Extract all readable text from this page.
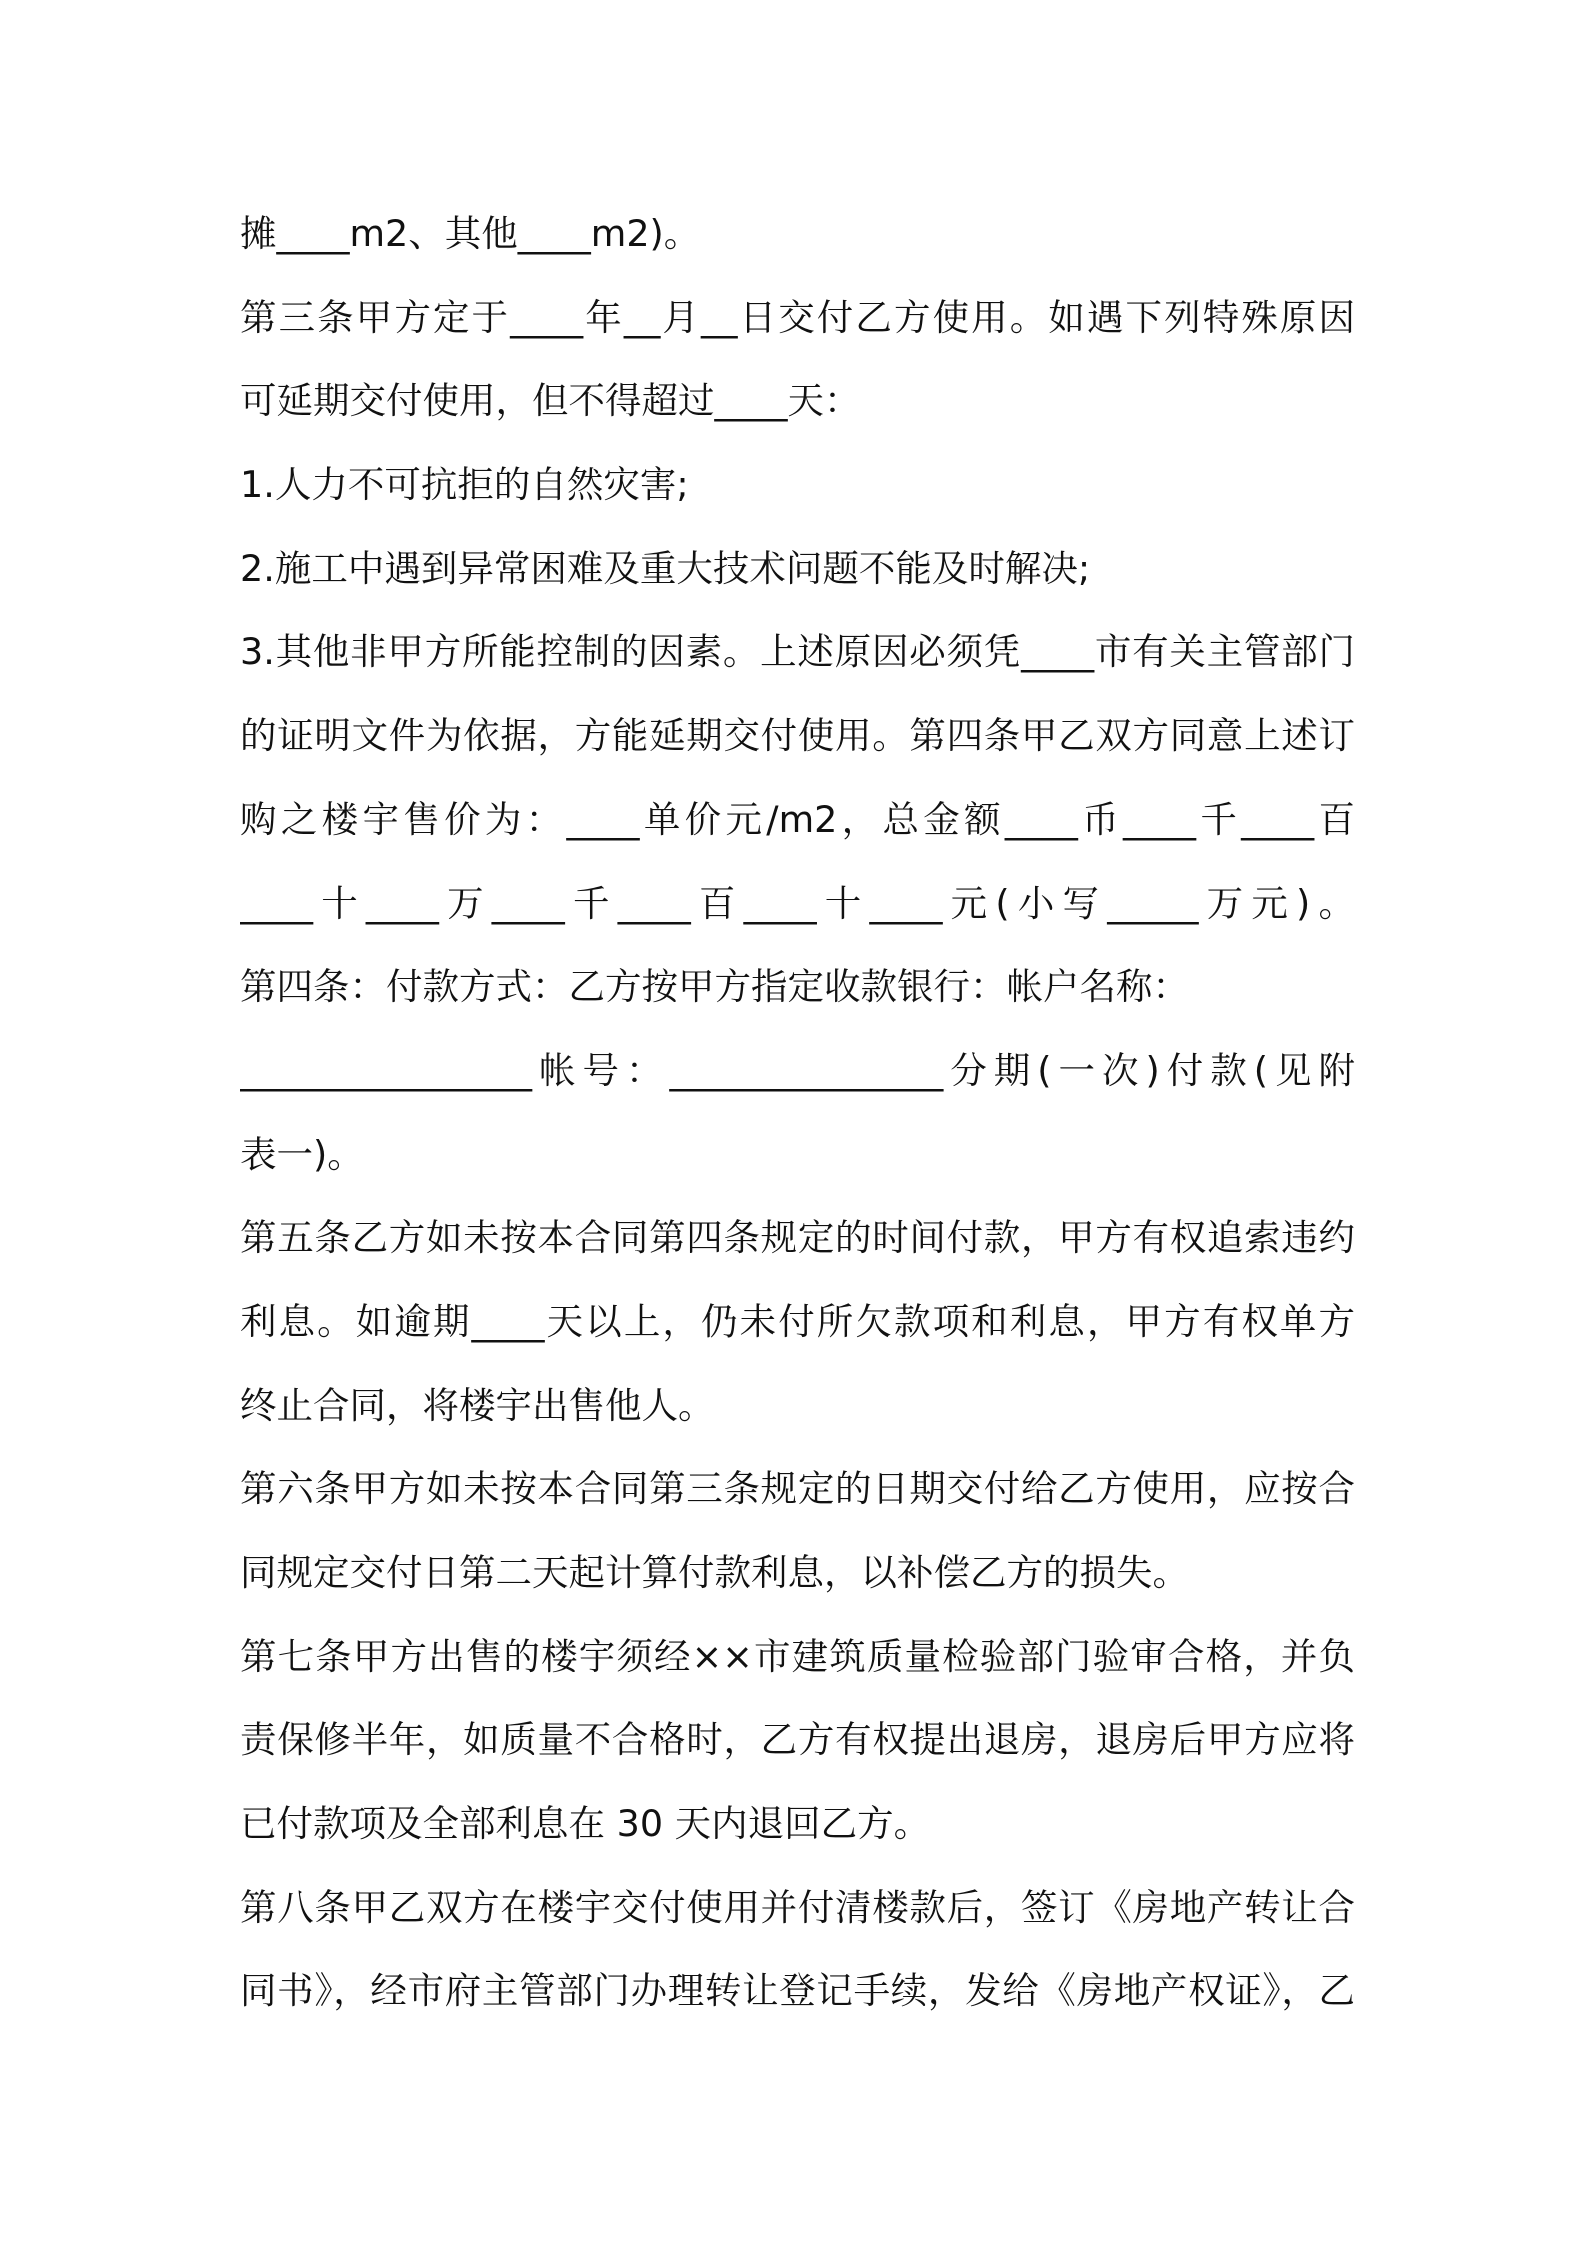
摊____m2、其他____m2)。
第三条甲方定于____年__月__日交付乙方使用。如遇下列特殊原因
可延期交付使用，但不得超过____天：
1.人力不可抗拒的自然灾害;
2.施工中遇到异常困难及重大技术问题不能及时解决;
3.其他非甲方所能控制的因素。上述原因必须凭____市有关主管部门
的证明文件为依据，方能延期交付使用。第四条甲乙双方同意上述订
购之楼宇售价为：____单价元/m2，总金额____币____千____百
____十____万____千____百____十____元(小写_____万元)。
第四条：付款方式：乙方按甲方指定收款银行：帐户名称：
________________帐号：_______________分期(一次)付款(见附
表一)。
第五条乙方如未按本合同第四条规定的时间付款，甲方有权追索违约
利息。如逾期____天以上，仍未付所欠款项和利息，甲方有权单方
终止合同，将楼宇出售他人。
第六条甲方如未按本合同第三条规定的日期交付给乙方使用，应按合
同规定交付日第二天起计算付款利息，以补偿乙方的损失。
第七条甲方出售的楼宇须经××市建筑质量检验部门验审合格，并负
责保修半年，如质量不合格时，乙方有权提出退房，退房后甲方应将
已付款项及全部利息在 30 天内退回乙方。
第八条甲乙双方在楼宇交付使用并付清楼款后，签订《房地产转让合
同书》，经市府主管部门办理转让登记手续，发给《房地产权证》，乙
